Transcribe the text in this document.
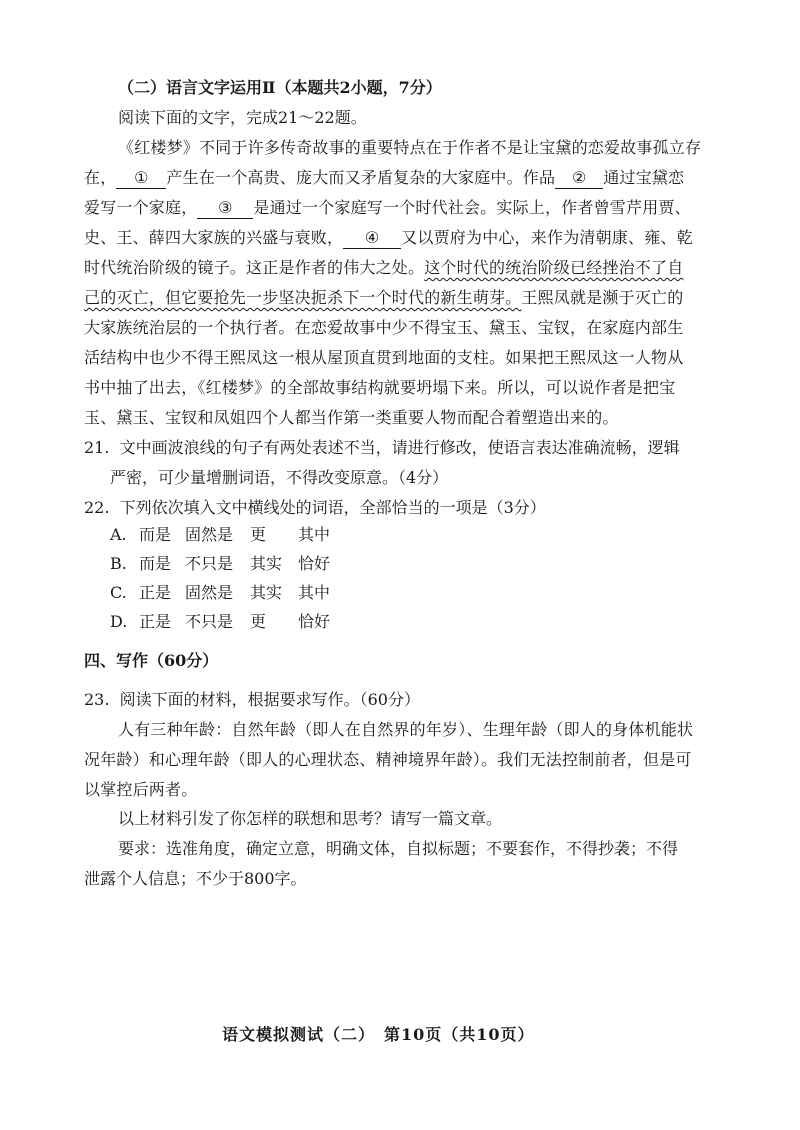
（二）语言文字运用Ⅱ（本题共2小题，7分）
阅读下面的文字，完成21～22题。
《红楼梦》不同于许多传奇故事的重要特点在于作者不是让宝黛的恋爱故事孤立存
在， ① 产生在一个高贵、庞大而又矛盾复杂的大家庭中。作品 ② 通过宝黛恋
爱写一个家庭， ③ 是通过一个家庭写一个时代社会。实际上，作者曾雪芹用贾、
史、王、薛四大家族的兴盛与衰败， ④ 又以贾府为中心，来作为清朝康、雍、乾
时代统治阶级的镜子。这正是作者的伟大之处。这个时代的统治阶级已经挫治不了自
己的灭亡，但它要抢先一步坚决扼杀下一个时代的新生萌芽。王熙凤就是濒于灭亡的
大家族统治层的一个执行者。在恋爱故事中少不得宝玉、黛玉、宝钗，在家庭内部生
活结构中也少不得王熙凤这一根从屋顶直贯到地面的支柱。如果把王熙凤这一人物从
书中抽了出去，《红楼梦》的全部故事结构就要坍塌下来。所以，可以说作者是把宝
玉、黛玉、宝钗和凤姐四个人都当作第一类重要人物而配合着塑造出来的。
21. 文中画波浪线的句子有两处表述不当，请进行修改，使语言表达准确流畅，逻辑
严密，可少量增删词语，不得改变原意。（4分）
22. 下列依次填入文中横线处的词语，全部恰当的一项是（3分）
A. 而是 固然是 更 其中
B. 而是 不只是 其实 恰好
C. 正是 固然是 其实 其中
D. 正是 不只是 更 恰好
四、写作（60分）
23. 阅读下面的材料，根据要求写作。（60分）
人有三种年龄：自然年龄（即人在自然界的年岁）、生理年龄（即人的身体机能状
况年龄）和心理年龄（即人的心理状态、精神境界年龄）。我们无法控制前者，但是可
以掌控后两者。
以上材料引发了你怎样的联想和思考？请写一篇文章。
要求：选准角度，确定立意，明确文体，自拟标题；不要套作，不得抄袭；不得
泄露个人信息；不少于800字。
语文模拟测试（二）　第10页（共10页）
